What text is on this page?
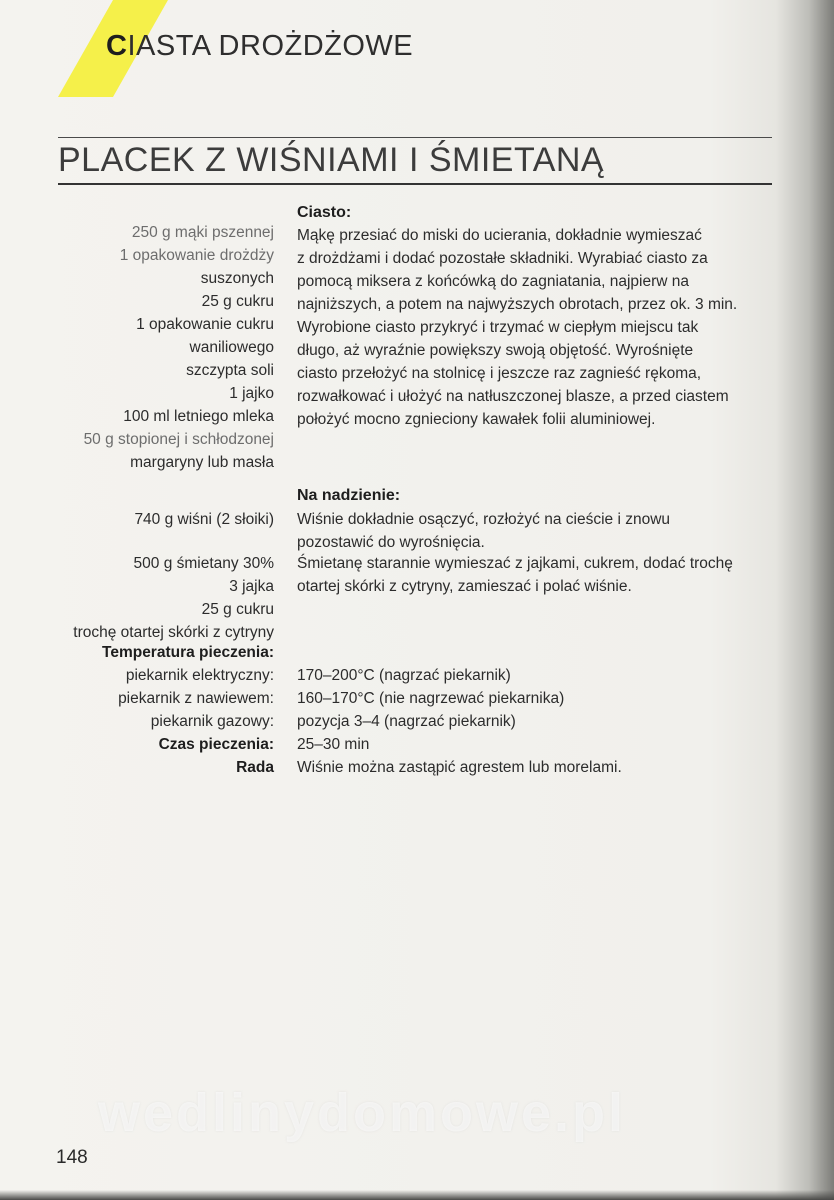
CIASTA DROŻDŻOWE
PLACEK Z WIŚNIAMI I ŚMIETANĄ
250 g mąki pszennej
1 opakowanie drożdży
suszonych
25 g cukru
1 opakowanie cukru
waniliowego
szczypta soli
1 jajko
100 ml letniego mleka
50 g stopionej i schłodzonej
margaryny lub masła
Ciasto:
Mąkę przesiać do miski do ucierania, dokładnie wymieszać
z drożdżami i dodać pozostałe składniki. Wyrabiać ciasto za
pomocą miksera z końcówką do zagniatania, najpierw na
najniższych, a potem na najwyższych obrotach, przez ok. 3 min.
Wyrobione ciasto przykryć i trzymać w ciepłym miejscu tak
długo, aż wyraźnie powiększy swoją objętość. Wyrośnięte
ciasto przełożyć na stolnicę i jeszcze raz zagnieść rękoma,
rozwałkować i ułożyć na natłuszczonej blasze, a przed ciastem
położyć mocno zgnieciony kawałek folii aluminiowej.
Na nadzienie:
740 g wiśni (2 słoiki) Wiśnie dokładnie osączyć, rozłożyć na cieście i znowu
pozostawić do wyrośnięcia.
500 g śmietany 30%
3 jajka
25 g cukru
trochę otartej skórki z cytryny
Śmietanę starannie wymieszać z jajkami, cukrem, dodać trochę
otartej skórki z cytryny, zamieszać i polać wiśnie.
Temperatura pieczenia:
piekarnik elektryczny:
piekarnik z nawiewem:
piekarnik gazowy:
Czas pieczenia:
Rada
170–200°C (nagrzać piekarnik)
160–170°C (nie nagrzewać piekarnika)
pozycja 3–4 (nagrzać piekarnik)
25–30 min
Wiśnie można zastąpić agrestem lub morelami.
wedlinydomowe.pl
148
